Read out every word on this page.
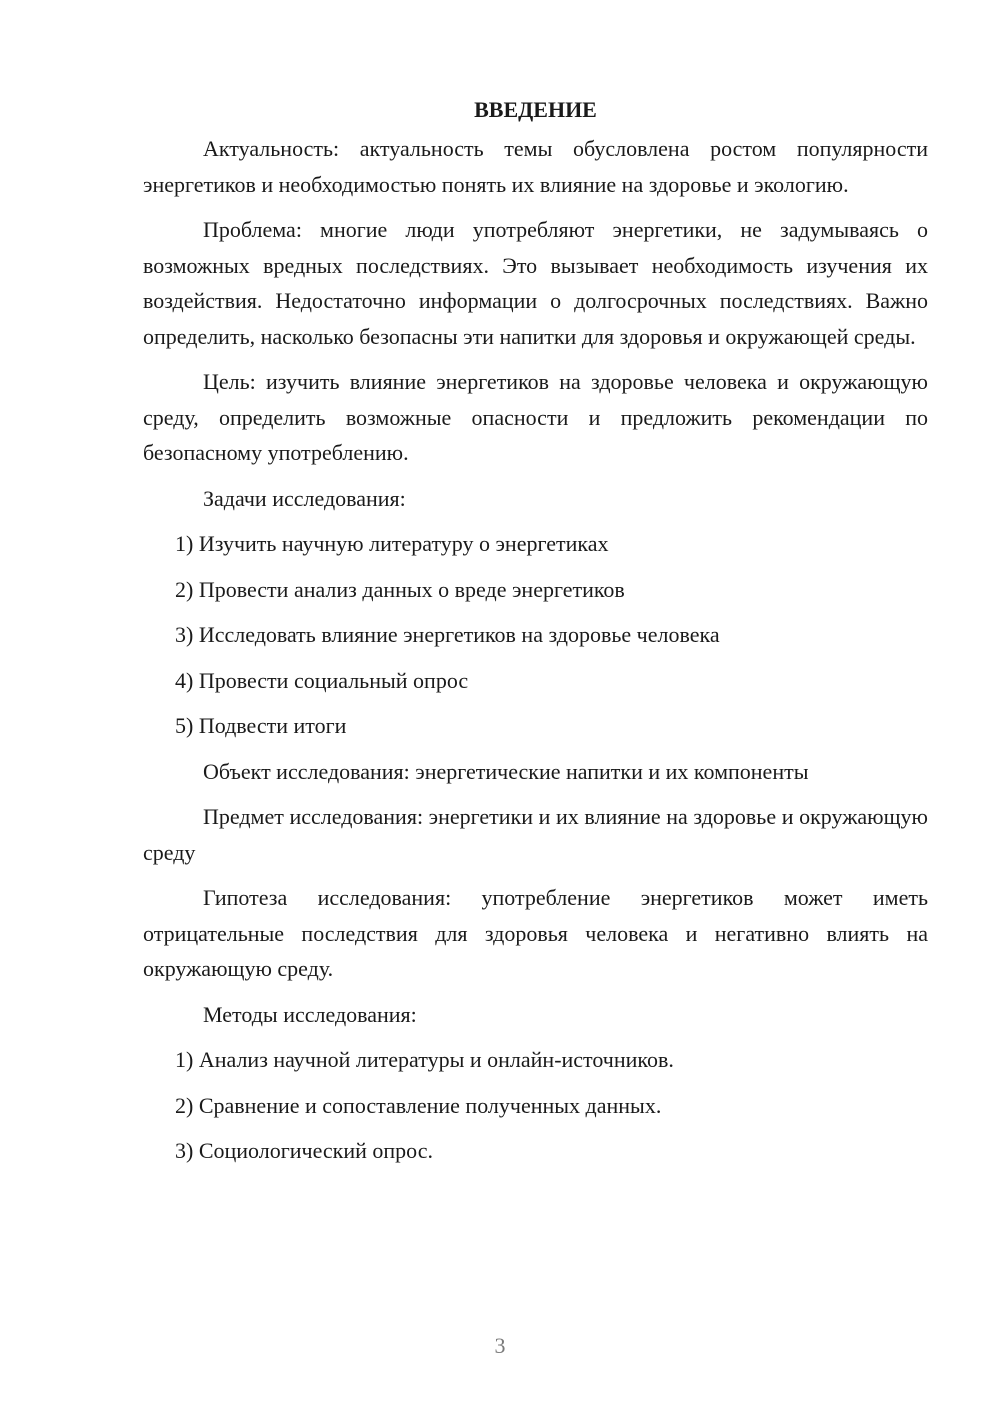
ВВЕДЕНИЕ

Актуальность: актуальность темы обусловлена ростом популярности энергетиков и необходимостью понять их влияние на здоровье и экологию.

Проблема: многие люди употребляют энергетики, не задумываясь о возможных вредных последствиях. Это вызывает необходимость изучения их воздействия. Недостаточно информации о долгосрочных последствиях. Важно определить, насколько безопасны эти напитки для здоровья и окружающей среды.

Цель: изучить влияние энергетиков на здоровье человека и окружающую среду, определить возможные опасности и предложить рекомендации по безопасному употреблению.

Задачи исследования:

1) Изучить научную литературу о энергетиках

2) Провести анализ данных о вреде энергетиков

3) Исследовать влияние энергетиков на здоровье человека

4) Провести социальный опрос

5) Подвести итоги

Объект исследования: энергетические напитки и их компоненты

Предмет исследования: энергетики и их влияние на здоровье и окружающую среду

Гипотеза исследования: употребление энергетиков может иметь отрицательные последствия для здоровья человека и негативно влиять на окружающую среду.

Методы исследования:

1) Анализ научной литературы и онлайн-источников.

2) Сравнение и сопоставление полученных данных.

3) Социологический опрос.

3
